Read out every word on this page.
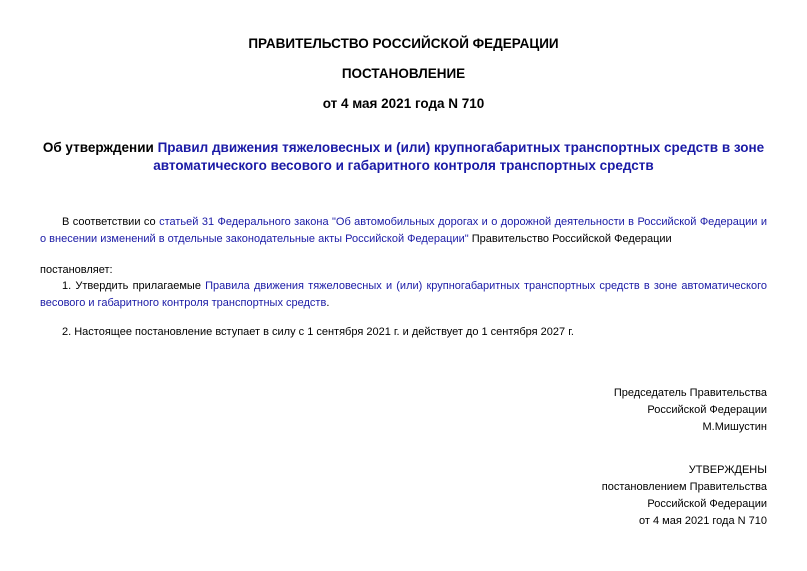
ПРАВИТЕЛЬСТВО РОССИЙСКОЙ ФЕДЕРАЦИИ
ПОСТАНОВЛЕНИЕ
от 4 мая 2021 года N 710
Об утверждении Правил движения тяжеловесных и (или) крупногабаритных транспортных средств в зоне автоматического весового и габаритного контроля транспортных средств
В соответствии со статьей 31 Федерального закона "Об автомобильных дорогах и о дорожной деятельности в Российской Федерации и о внесении изменений в отдельные законодательные акты Российской Федерации" Правительство Российской Федерации
постановляет:
1. Утвердить прилагаемые Правила движения тяжеловесных и (или) крупногабаритных транспортных средств в зоне автоматического весового и габаритного контроля транспортных средств.
2. Настоящее постановление вступает в силу с 1 сентября 2021 г. и действует до 1 сентября 2027 г.
Председатель Правительства
Российской Федерации
М.Мишустин
УТВЕРЖДЕНЫ
постановлением Правительства
Российской Федерации
от 4 мая 2021 года N 710
